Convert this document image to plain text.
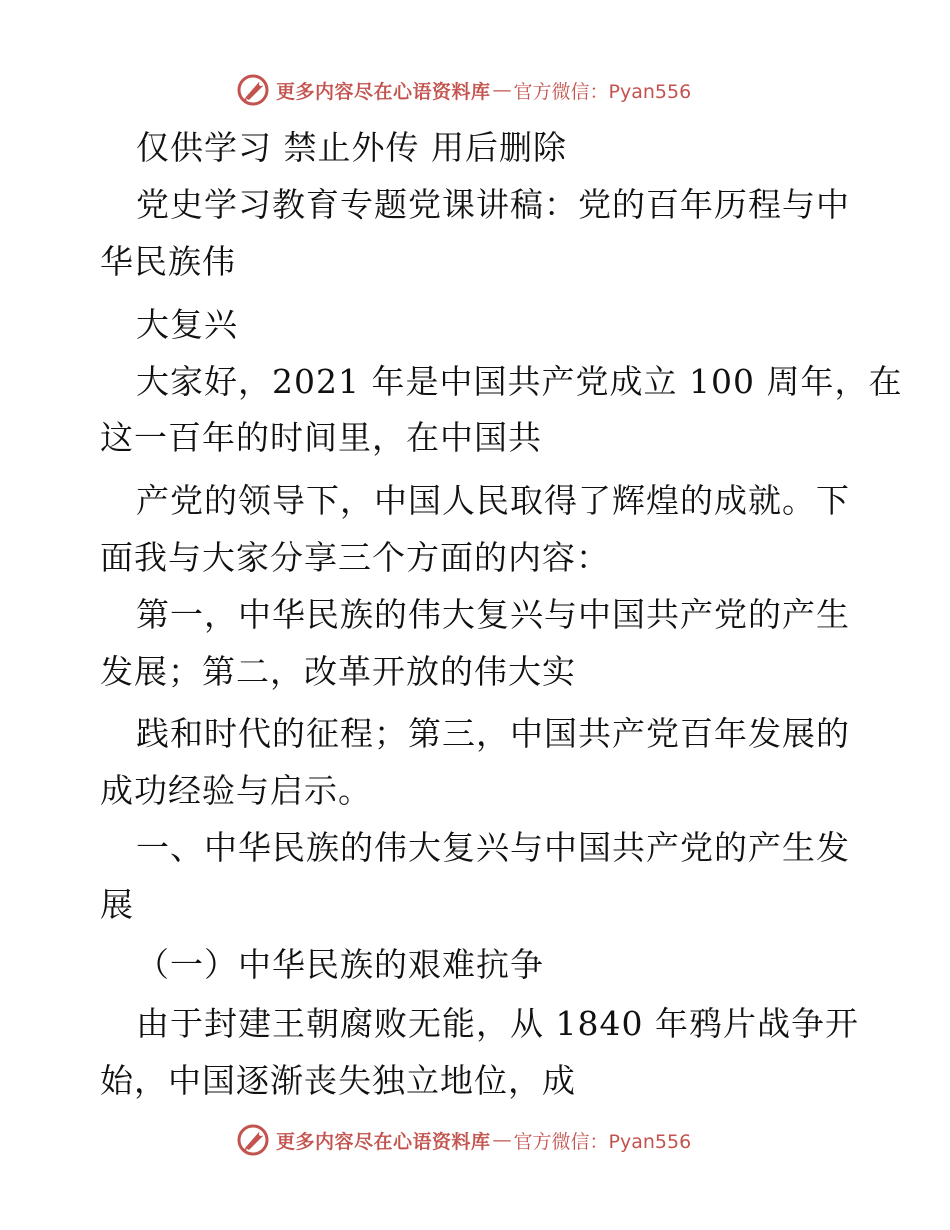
更多内容尽在心语资料库 — 官方微信：Pyan556
仅供学习 禁止外传 用后删除
党史学习教育专题党课讲稿：党的百年历程与中
华民族伟
大复兴
大家好，2021 年是中国共产党成立 100 周年，在
这一百年的时间里，在中国共
产党的领导下，中国人民取得了辉煌的成就。下
面我与大家分享三个方面的内容：
第一，中华民族的伟大复兴与中国共产党的产生
发展；第二，改革开放的伟大实
践和时代的征程；第三，中国共产党百年发展的
成功经验与启示。
一、中华民族的伟大复兴与中国共产党的产生发
展
（一）中华民族的艰难抗争
由于封建王朝腐败无能，从 1840 年鸦片战争开
始，中国逐渐丧失独立地位，成
更多内容尽在心语资料库 — 官方微信：Pyan556
